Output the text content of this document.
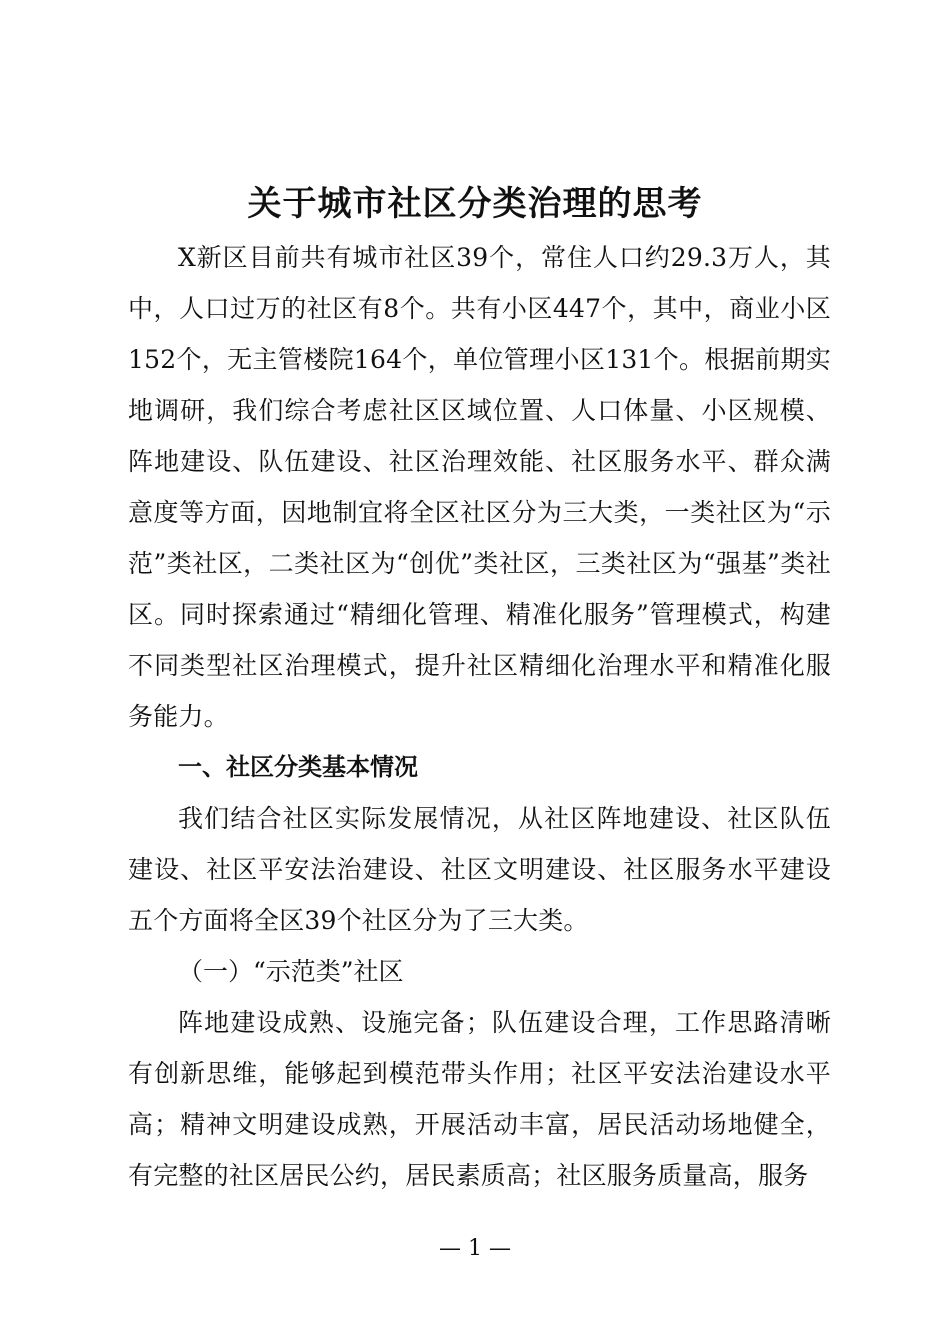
关于城市社区分类治理的思考

X新区目前共有城市社区39个，常住人口约29.3万人，其中，人口过万的社区有8个。共有小区447个，其中，商业小区152个，无主管楼院164个，单位管理小区131个。根据前期实地调研，我们综合考虑社区区域位置、人口体量、小区规模、阵地建设、队伍建设、社区治理效能、社区服务水平、群众满意度等方面，因地制宜将全区社区分为三大类，一类社区为“示范”类社区，二类社区为“创优”类社区，三类社区为“强基”类社区。同时探索通过“精细化管理、精准化服务”管理模式，构建不同类型社区治理模式，提升社区精细化治理水平和精准化服务能力。

一、社区分类基本情况

我们结合社区实际发展情况，从社区阵地建设、社区队伍建设、社区平安法治建设、社区文明建设、社区服务水平建设五个方面将全区39个社区分为了三大类。

（一）“示范类”社区

阵地建设成熟、设施完备；队伍建设合理，工作思路清晰有创新思维，能够起到模范带头作用；社区平安法治建设水平高；精神文明建设成熟，开展活动丰富，居民活动场地健全，有完整的社区居民公约，居民素质高；社区服务质量高，服务

— 1 —
